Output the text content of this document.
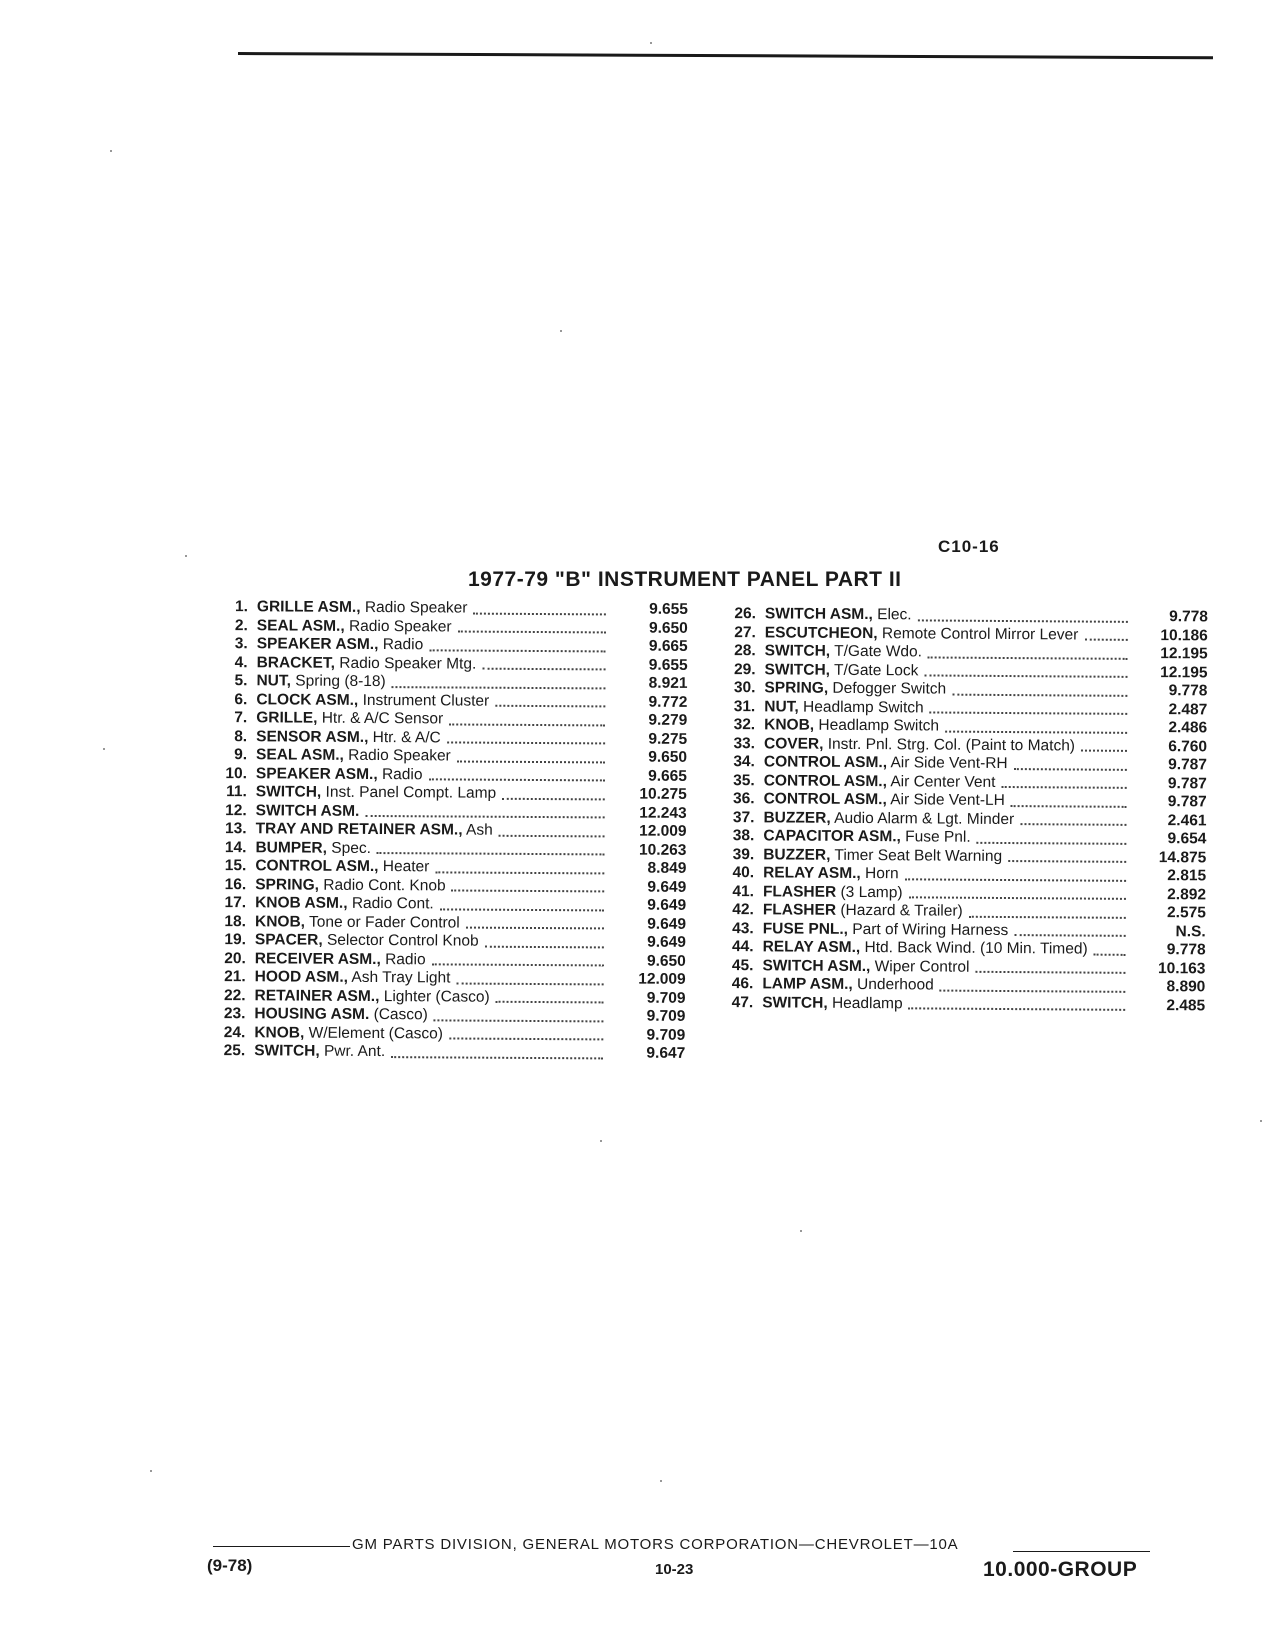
C10-16
1977-79 "B" INSTRUMENT PANEL PART II
1. GRILLE ASM., Radio Speaker	9.655
2. SEAL ASM., Radio Speaker	9.650
3. SPEAKER ASM., Radio	9.665
4. BRACKET, Radio Speaker Mtg.	9.655
5. NUT, Spring (8-18)	8.921
6. CLOCK ASM., Instrument Cluster	9.772
7. GRILLE, Htr. & A/C Sensor	9.279
8. SENSOR ASM., Htr. & A/C	9.275
9. SEAL ASM., Radio Speaker	9.650
10. SPEAKER ASM., Radio	9.665
11. SWITCH, Inst. Panel Compt. Lamp	10.275
12. SWITCH ASM.	12.243
13. TRAY AND RETAINER ASM., Ash	12.009
14. BUMPER, Spec.	10.263
15. CONTROL ASM., Heater	8.849
16. SPRING, Radio Cont. Knob	9.649
17. KNOB ASM., Radio Cont.	9.649
18. KNOB, Tone or Fader Control	9.649
19. SPACER, Selector Control Knob	9.649
20. RECEIVER ASM., Radio	9.650
21. HOOD ASM., Ash Tray Light	12.009
22. RETAINER ASM., Lighter (Casco)	9.709
23. HOUSING ASM. (Casco)	9.709
24. KNOB, W/Element (Casco)	9.709
25. SWITCH, Pwr. Ant.	9.647
26. SWITCH ASM., Elec.	9.778
27. ESCUTCHEON, Remote Control Mirror Lever	10.186
28. SWITCH, T/Gate Wdo.	12.195
29. SWITCH, T/Gate Lock	12.195
30. SPRING, Defogger Switch	9.778
31. NUT, Headlamp Switch	2.487
32. KNOB, Headlamp Switch	2.486
33. COVER, Instr. Pnl. Strg. Col. (Paint to Match)	6.760
34. CONTROL ASM., Air Side Vent-RH	9.787
35. CONTROL ASM., Air Center Vent	9.787
36. CONTROL ASM., Air Side Vent-LH	9.787
37. BUZZER, Audio Alarm & Lgt. Minder	2.461
38. CAPACITOR ASM., Fuse Pnl.	9.654
39. BUZZER, Timer Seat Belt Warning	14.875
40. RELAY ASM., Horn	2.815
41. FLASHER (3 Lamp)	2.892
42. FLASHER (Hazard & Trailer)	2.575
43. FUSE PNL., Part of Wiring Harness	N.S.
44. RELAY ASM., Htd. Back Wind. (10 Min. Timed)	9.778
45. SWITCH ASM., Wiper Control	10.163
46. LAMP ASM., Underhood	8.890
47. SWITCH, Headlamp	2.485
GM PARTS DIVISION, GENERAL MOTORS CORPORATION—CHEVROLET—10A
(9-78)	10-23	10.000-GROUP
